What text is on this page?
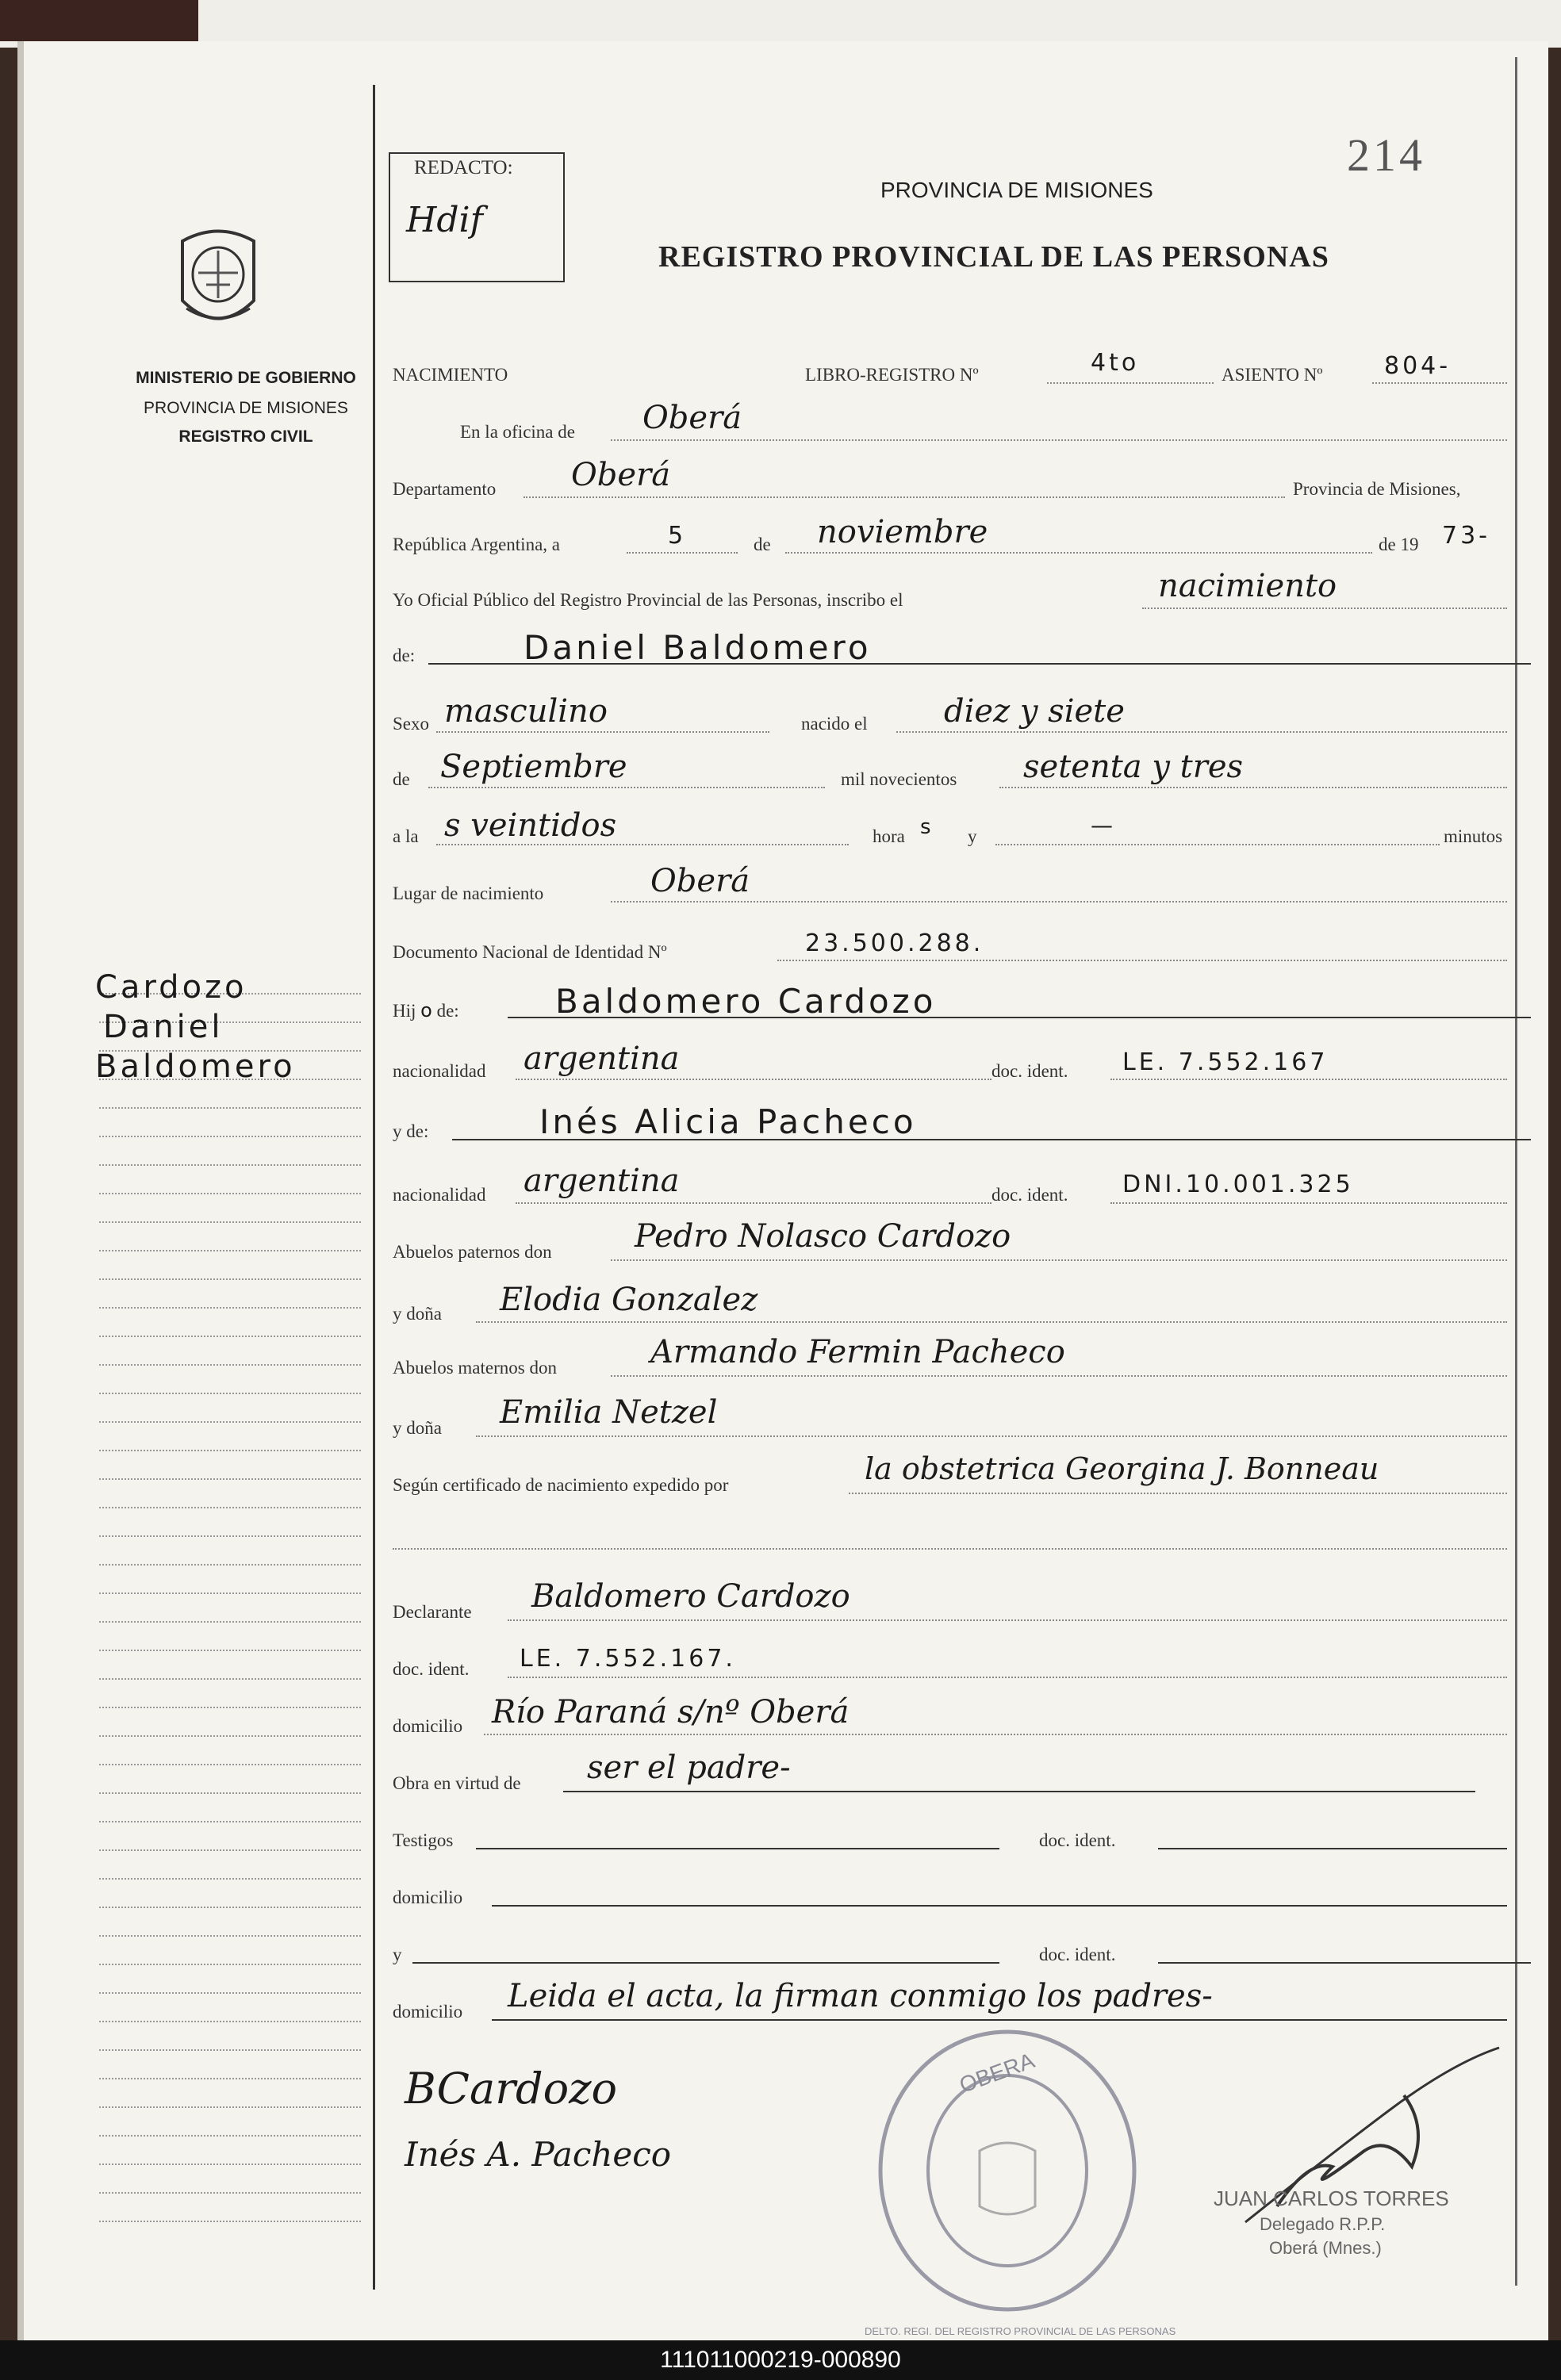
MINISTERIO DE GOBIERNO
PROVINCIA DE MISIONES
REGISTRO CIVIL
Cardozo
Daniel
Baldomero
REDACTO:
Hdif
214
PROVINCIA DE MISIONES
REGISTRO PROVINCIAL DE LAS PERSONAS
NACIMIENTO	LIBRO-REGISTRO Nº	4to	ASIENTO Nº	804-
En la oficina de Oberá
Departamento Oberá	Provincia de Misiones,
República Argentina, a	5	de noviembre	de 19 73-
Yo Oficial Público del Registro Provincial de las Personas, inscribo el	nacimiento
de:	Daniel Baldomero
Sexo masculino	nacido el diez y siete
de Septiembre	mil novecientos setenta y tres
a la s veintidos	hora s y	—	minutos
Lugar de nacimiento	Oberá
Documento Nacional de Identidad Nº	23.500.288.
Hij o de:	Baldomero Cardozo
nacionalidad argentina	doc. ident. LE. 7.552.167
y de:	Inés Alicia Pacheco
nacionalidad argentina	doc. ident. DNI.10.001.325
Abuelos paternos don	Pedro Nolasco Cardozo
y doña Elodia Gonzalez
Abuelos maternos don	Armando Fermin Pacheco
y doña Emilia Netzel
Según certificado de nacimiento expedido por	la obstetrica Georgina J. Bonneau
Declarante Baldomero Cardozo
doc. ident. LE. 7.552.167.
domicilio Río Paraná s/nº Oberá
Obra en virtud de ser el padre-
Testigos	doc. ident.
domicilio
y	doc. ident.
domicilio Leida el acta, la firman conmigo los padres-
BCardozo
Inés A. Pacheco
OBERA
DELTO. REGI. DEL REGISTRO PROVINCIAL DE LAS PERSONAS
JUAN CARLOS TORRES
Delegado R.P.P.
Oberá (Mnes.)
111011000219-000890
